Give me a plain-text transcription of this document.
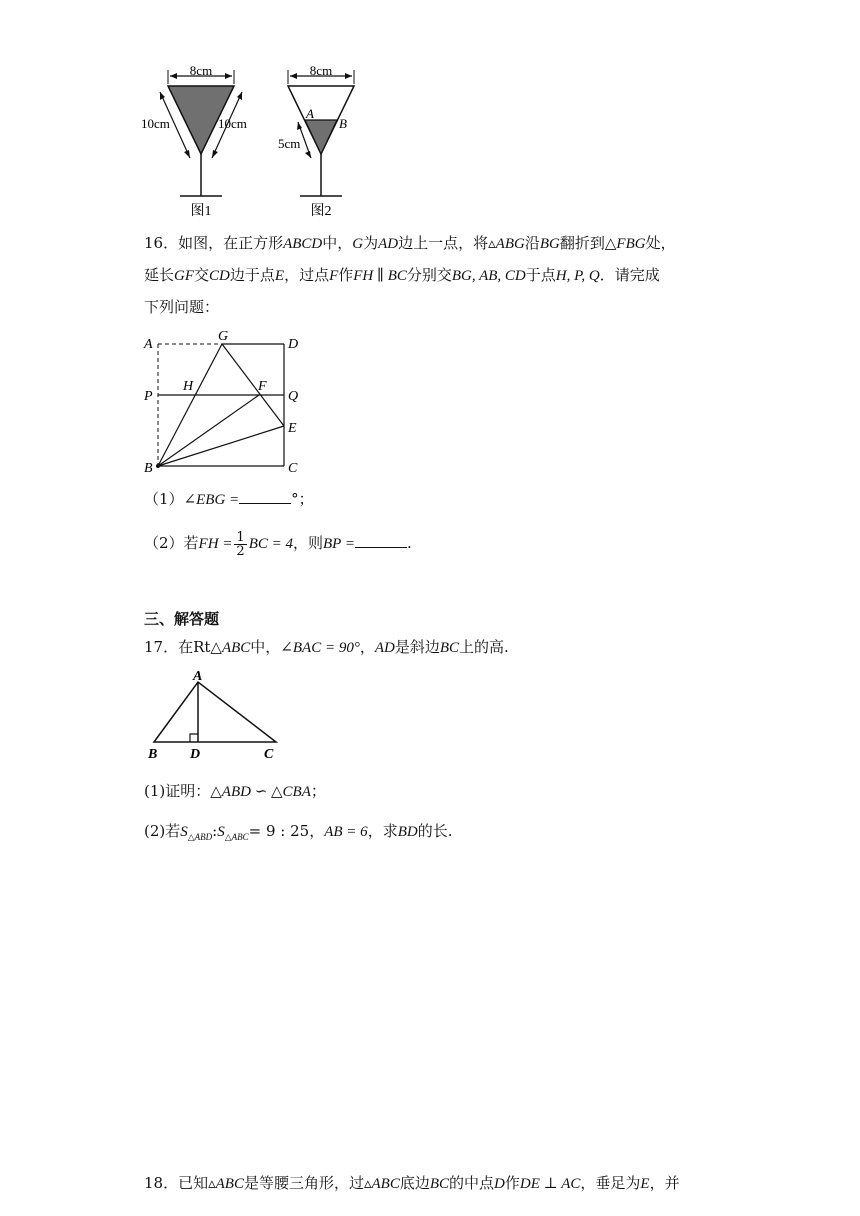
8cm
10cm	10cm
图1
8cm
A
B
5cm
图2
16．如图，在正方形ABCD中，G为AD边上一点，将▵ABG沿BG翻折到△FBG处，
延长GF交CD边于点E，过点F作FH ∥ BC分别交BG, AB, CD于点H, P, Q．请完成
下列问题：
A
G
D
P
H	F
Q
E
B	C
（1）∠EBG =	°；
（2）若FH = $\frac{1}{2}$ BC = 4，则BP =	.
三、解答题
17．在Rt△ABC中，∠BAC = 90°，AD是斜边BC上的高.
A
B D	C
(1)证明：△ABD ∽ △CBA；
(2)若$S_{\triangle ABD}:S_{\triangle ABC}= 9$ : 25，AB = 6，求BD的长.
18．已知▵ABC是等腰三角形，过▵ABC底边BC的中点D作DE ⊥ AC，垂足为E，并
